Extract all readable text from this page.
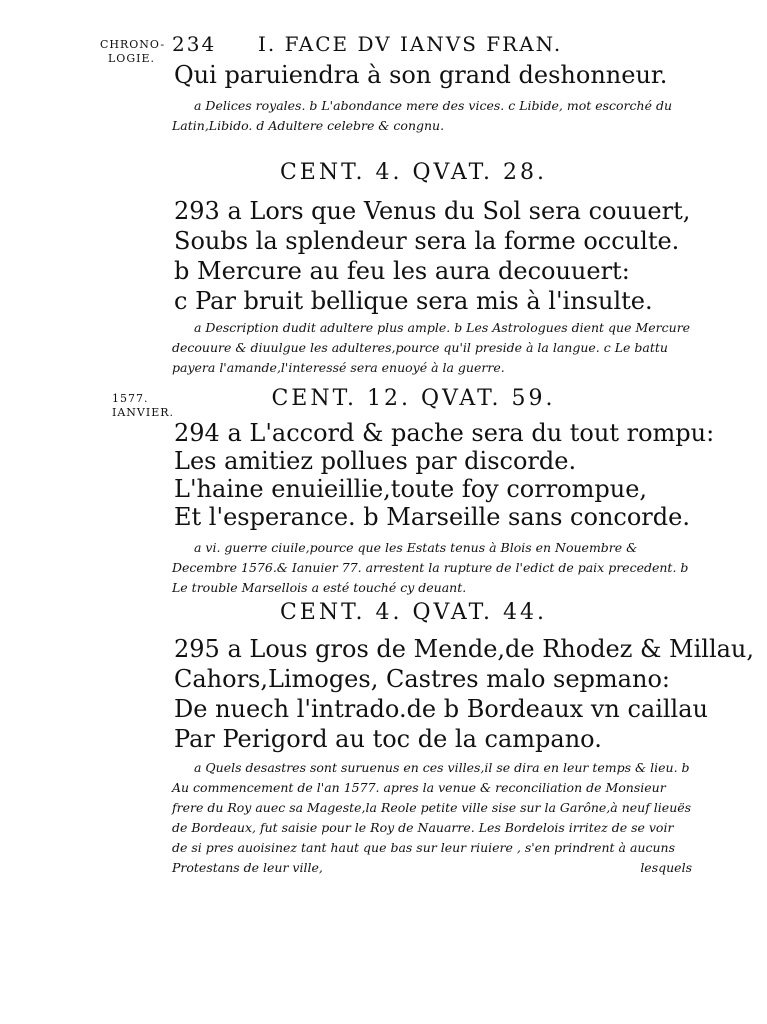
CHRONO-
LOGIE.
1577.
IANVIER.
234 I. FACE DV IANVS FRAN.
Qui paruiendra à son grand deshonneur.
a Delices royales. b L'abondance mere des vices. c Libide, mot escorché du Latin,Libido. d Adultere celebre & congnu.
CENT. 4. QVAT. 28.
293 a Lors que Venus du Sol sera couuert,
Soubs la splendeur sera la forme occulte.
b Mercure au feu les aura decouuert:
c Par bruit bellique sera mis à l'insulte.
a Description dudit adultere plus ample. b Les Astrologues dient que Mercure decouure & diuulgue les adulteres,pource qu'il preside à la langue. c Le battu payera l'amande,l'interessé sera enuoyé à la guerre.
CENT. 12. QVAT. 59.
294 a L'accord & pache sera du tout rompu:
Les amitiez pollues par discorde.
L'haine enuieillie,toute foy corrompue,
Et l'esperance. b Marseille sans concorde.
a vi. guerre ciuile,pource que les Estats tenus à Blois en Nouembre & Decembre 1576.& Ianuier 77. arrestent la rupture de l'edict de paix precedent. b Le trouble Marsellois a esté touché cy deuant.
CENT. 4. QVAT. 44.
295 a Lous gros de Mende,de Rhodez & Millau,
Cahors,Limoges, Castres malo sepmano:
De nuech l'intrado.de b Bordeaux vn caillau
Par Perigord au toc de la campano.
a Quels desastres sont suruenus en ces villes,il se dira en leur temps & lieu. b Au commencement de l'an 1577. apres la venue & reconciliation de Monsieur frere du Roy auec sa Mageste,la Reole petite ville sise sur la Garône,à neuf lieuës de Bordeaux, fut saisie pour le Roy de Nauarre. Les Bordelois irritez de se voir de si pres auoisinez tant haut que bas sur leur riuiere , s'en prindrent à aucuns Protestans de leur ville,	lesquels
